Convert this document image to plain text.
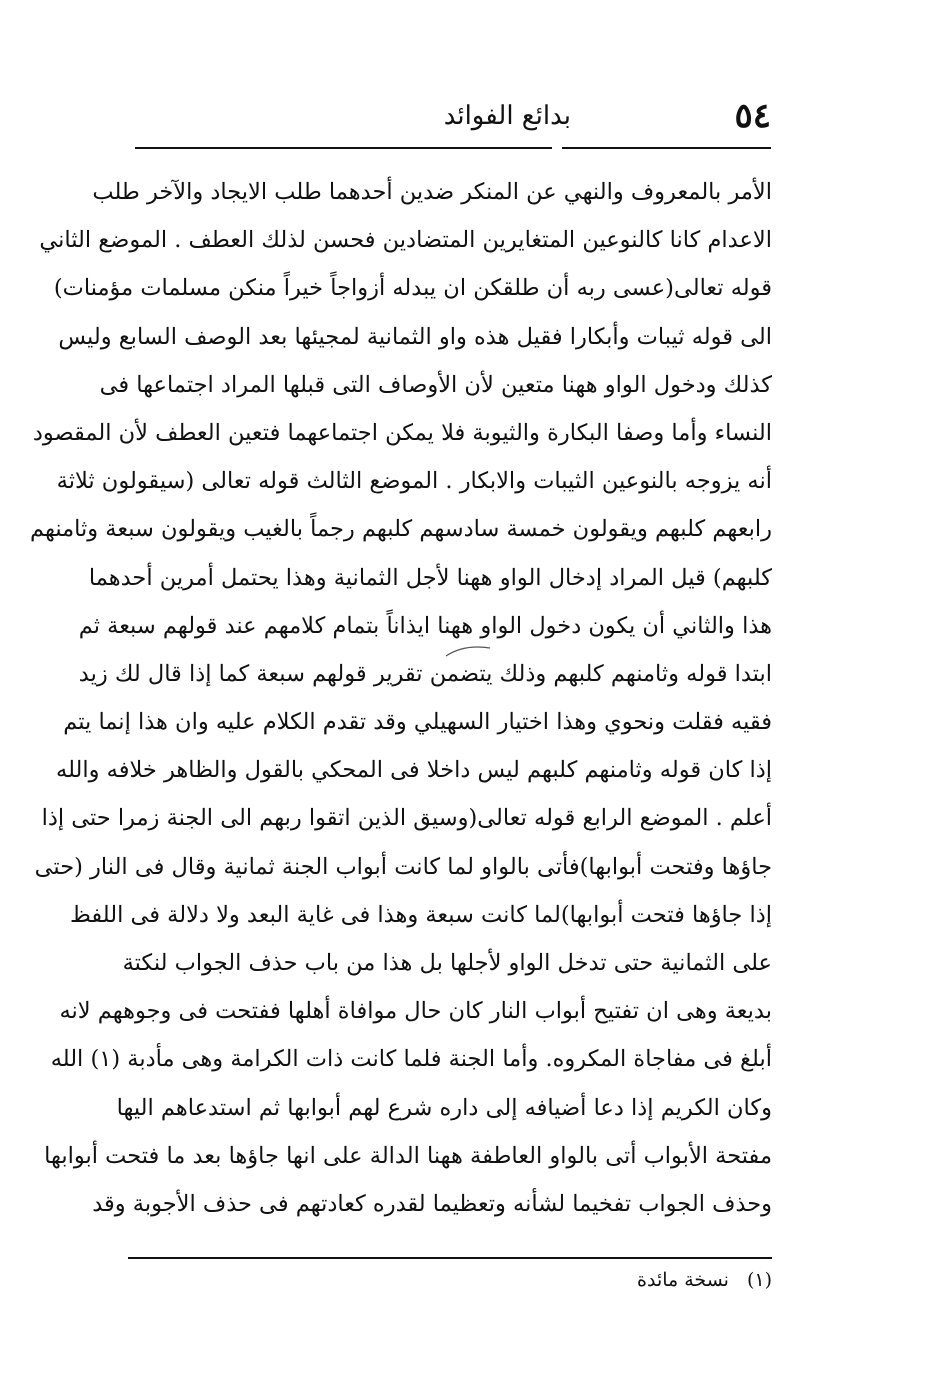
٥٤
بدائع الفوائد
الأمر بالمعروف والنهي عن المنكر ضدين أحدهما طلب الايجاد والآخر طلب
الاعدام كانا كالنوعين المتغايرين المتضادين فحسن لذلك العطف . الموضع الثاني
قوله تعالى(عسى ربه أن طلقكن ان يبدله أزواجاً خيراً منكن مسلمات مؤمنات)
الى قوله ثيبات وأبكارا فقيل هذه واو الثمانية لمجيئها بعد الوصف السابع وليس
كذلك ودخول الواو ههنا متعين لأن الأوصاف التى قبلها المراد اجتماعها فى
النساء وأما وصفا البكارة والثيوبة فلا يمكن اجتماعهما فتعين العطف لأن المقصود
أنه يزوجه بالنوعين الثيبات والابكار . الموضع الثالث قوله تعالى (سيقولون ثلاثة
رابعهم كلبهم ويقولون خمسة سادسهم كلبهم رجماً بالغيب ويقولون سبعة وثامنهم
كلبهم) قيل المراد إدخال الواو ههنا لأجل الثمانية وهذا يحتمل أمرين أحدهما
هذا والثاني أن يكون دخول الواو ههنا ايذاناً بتمام كلامهم عند قولهم سبعة ثم
ابتدا قوله وثامنهم كلبهم وذلك يتضمن تقرير قولهم سبعة كما إذا قال لك زيد
فقيه فقلت ونحوي وهذا اختيار السهيلي وقد تقدم الكلام عليه وان هذا إنما يتم
إذا كان قوله وثامنهم كلبهم ليس داخلا فى المحكي بالقول والظاهر خلافه والله
أعلم . الموضع الرابع قوله تعالى(وسيق الذين اتقوا ربهم الى الجنة زمرا حتى إذا
جاؤها وفتحت أبوابها)فأتى بالواو لما كانت أبواب الجنة ثمانية وقال فى النار (حتى
إذا جاؤها فتحت أبوابها)لما كانت سبعة وهذا فى غاية البعد ولا دلالة فى اللفظ
على الثمانية حتى تدخل الواو لأجلها بل هذا من باب حذف الجواب لنكتة
بديعة وهى ان تفتيح أبواب النار كان حال موافاة أهلها ففتحت فى وجوههم لانه
أبلغ فى مفاجاة المكروه. وأما الجنة فلما كانت ذات الكرامة وهى مأدبة (١) الله
وكان الكريم إذا دعا أضيافه إلى داره شرع لهم أبوابها ثم استدعاهم اليها
مفتحة الأبواب أتى بالواو العاطفة ههنا الدالة على انها جاؤها بعد ما فتحت أبوابها
وحذف الجواب تفخيما لشأنه وتعظيما لقدره كعادتهم فى حذف الأجوبة وقد
(١)نسخة مائدة
